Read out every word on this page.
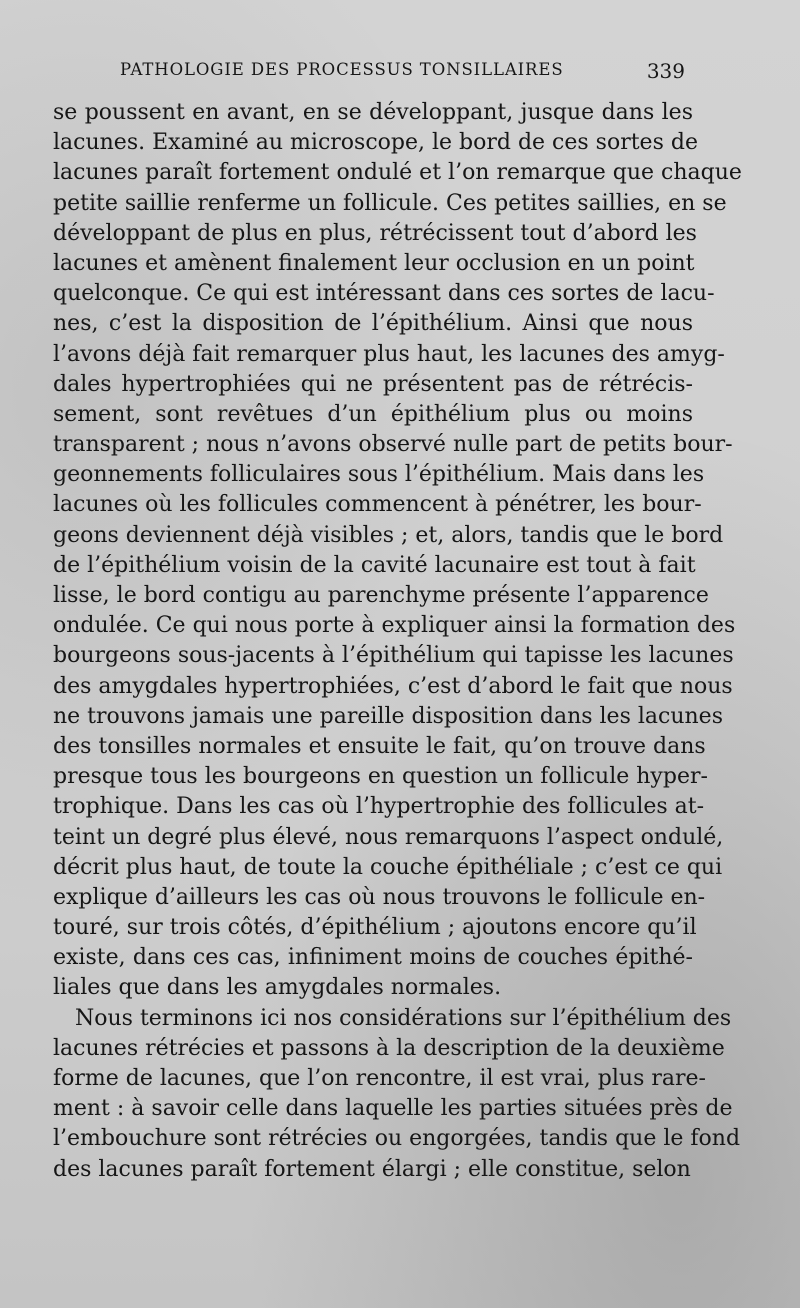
PATHOLOGIE DES PROCESSUS TONSILLAIRES	339
se poussent en avant, en se développant, jusque dans les
lacunes. Examiné au microscope, le bord de ces sortes de
lacunes paraît fortement ondulé et l’on remarque que chaque
petite saillie renferme un follicule. Ces petites saillies, en se
développant de plus en plus, rétrécissent tout d’abord les
lacunes et amènent finalement leur occlusion en un point
quelconque. Ce qui est intéressant dans ces sortes de lacu-
nes, c’est la disposition de l’épithélium. Ainsi que nous
l’avons déjà fait remarquer plus haut, les lacunes des amyg-
dales hypertrophiées qui ne présentent pas de rétrécis-
sement, sont revêtues d’un épithélium plus ou moins
transparent ; nous n’avons observé nulle part de petits bour-
geonnements folliculaires sous l’épithélium. Mais dans les
lacunes où les follicules commencent à pénétrer, les bour-
geons deviennent déjà visibles ; et, alors, tandis que le bord
de l’épithélium voisin de la cavité lacunaire est tout à fait
lisse, le bord contigu au parenchyme présente l’apparence
ondulée. Ce qui nous porte à expliquer ainsi la formation des
bourgeons sous-jacents à l’épithélium qui tapisse les lacunes
des amygdales hypertrophiées, c’est d’abord le fait que nous
ne trouvons jamais une pareille disposition dans les lacunes
des tonsilles normales et ensuite le fait, qu’on trouve dans
presque tous les bourgeons en question un follicule hyper-
trophique. Dans les cas où l’hypertrophie des follicules at-
teint un degré plus élevé, nous remarquons l’aspect ondulé,
décrit plus haut, de toute la couche épithéliale ; c’est ce qui
explique d’ailleurs les cas où nous trouvons le follicule en-
touré, sur trois côtés, d’épithélium ; ajoutons encore qu’il
existe, dans ces cas, infiniment moins de couches épithé-
liales que dans les amygdales normales.
Nous terminons ici nos considérations sur l’épithélium des
lacunes rétrécies et passons à la description de la deuxième
forme de lacunes, que l’on rencontre, il est vrai, plus rare-
ment : à savoir celle dans laquelle les parties situées près de
l’embouchure sont rétrécies ou engorgées, tandis que le fond
des lacunes paraît fortement élargi ; elle constitue, selon
